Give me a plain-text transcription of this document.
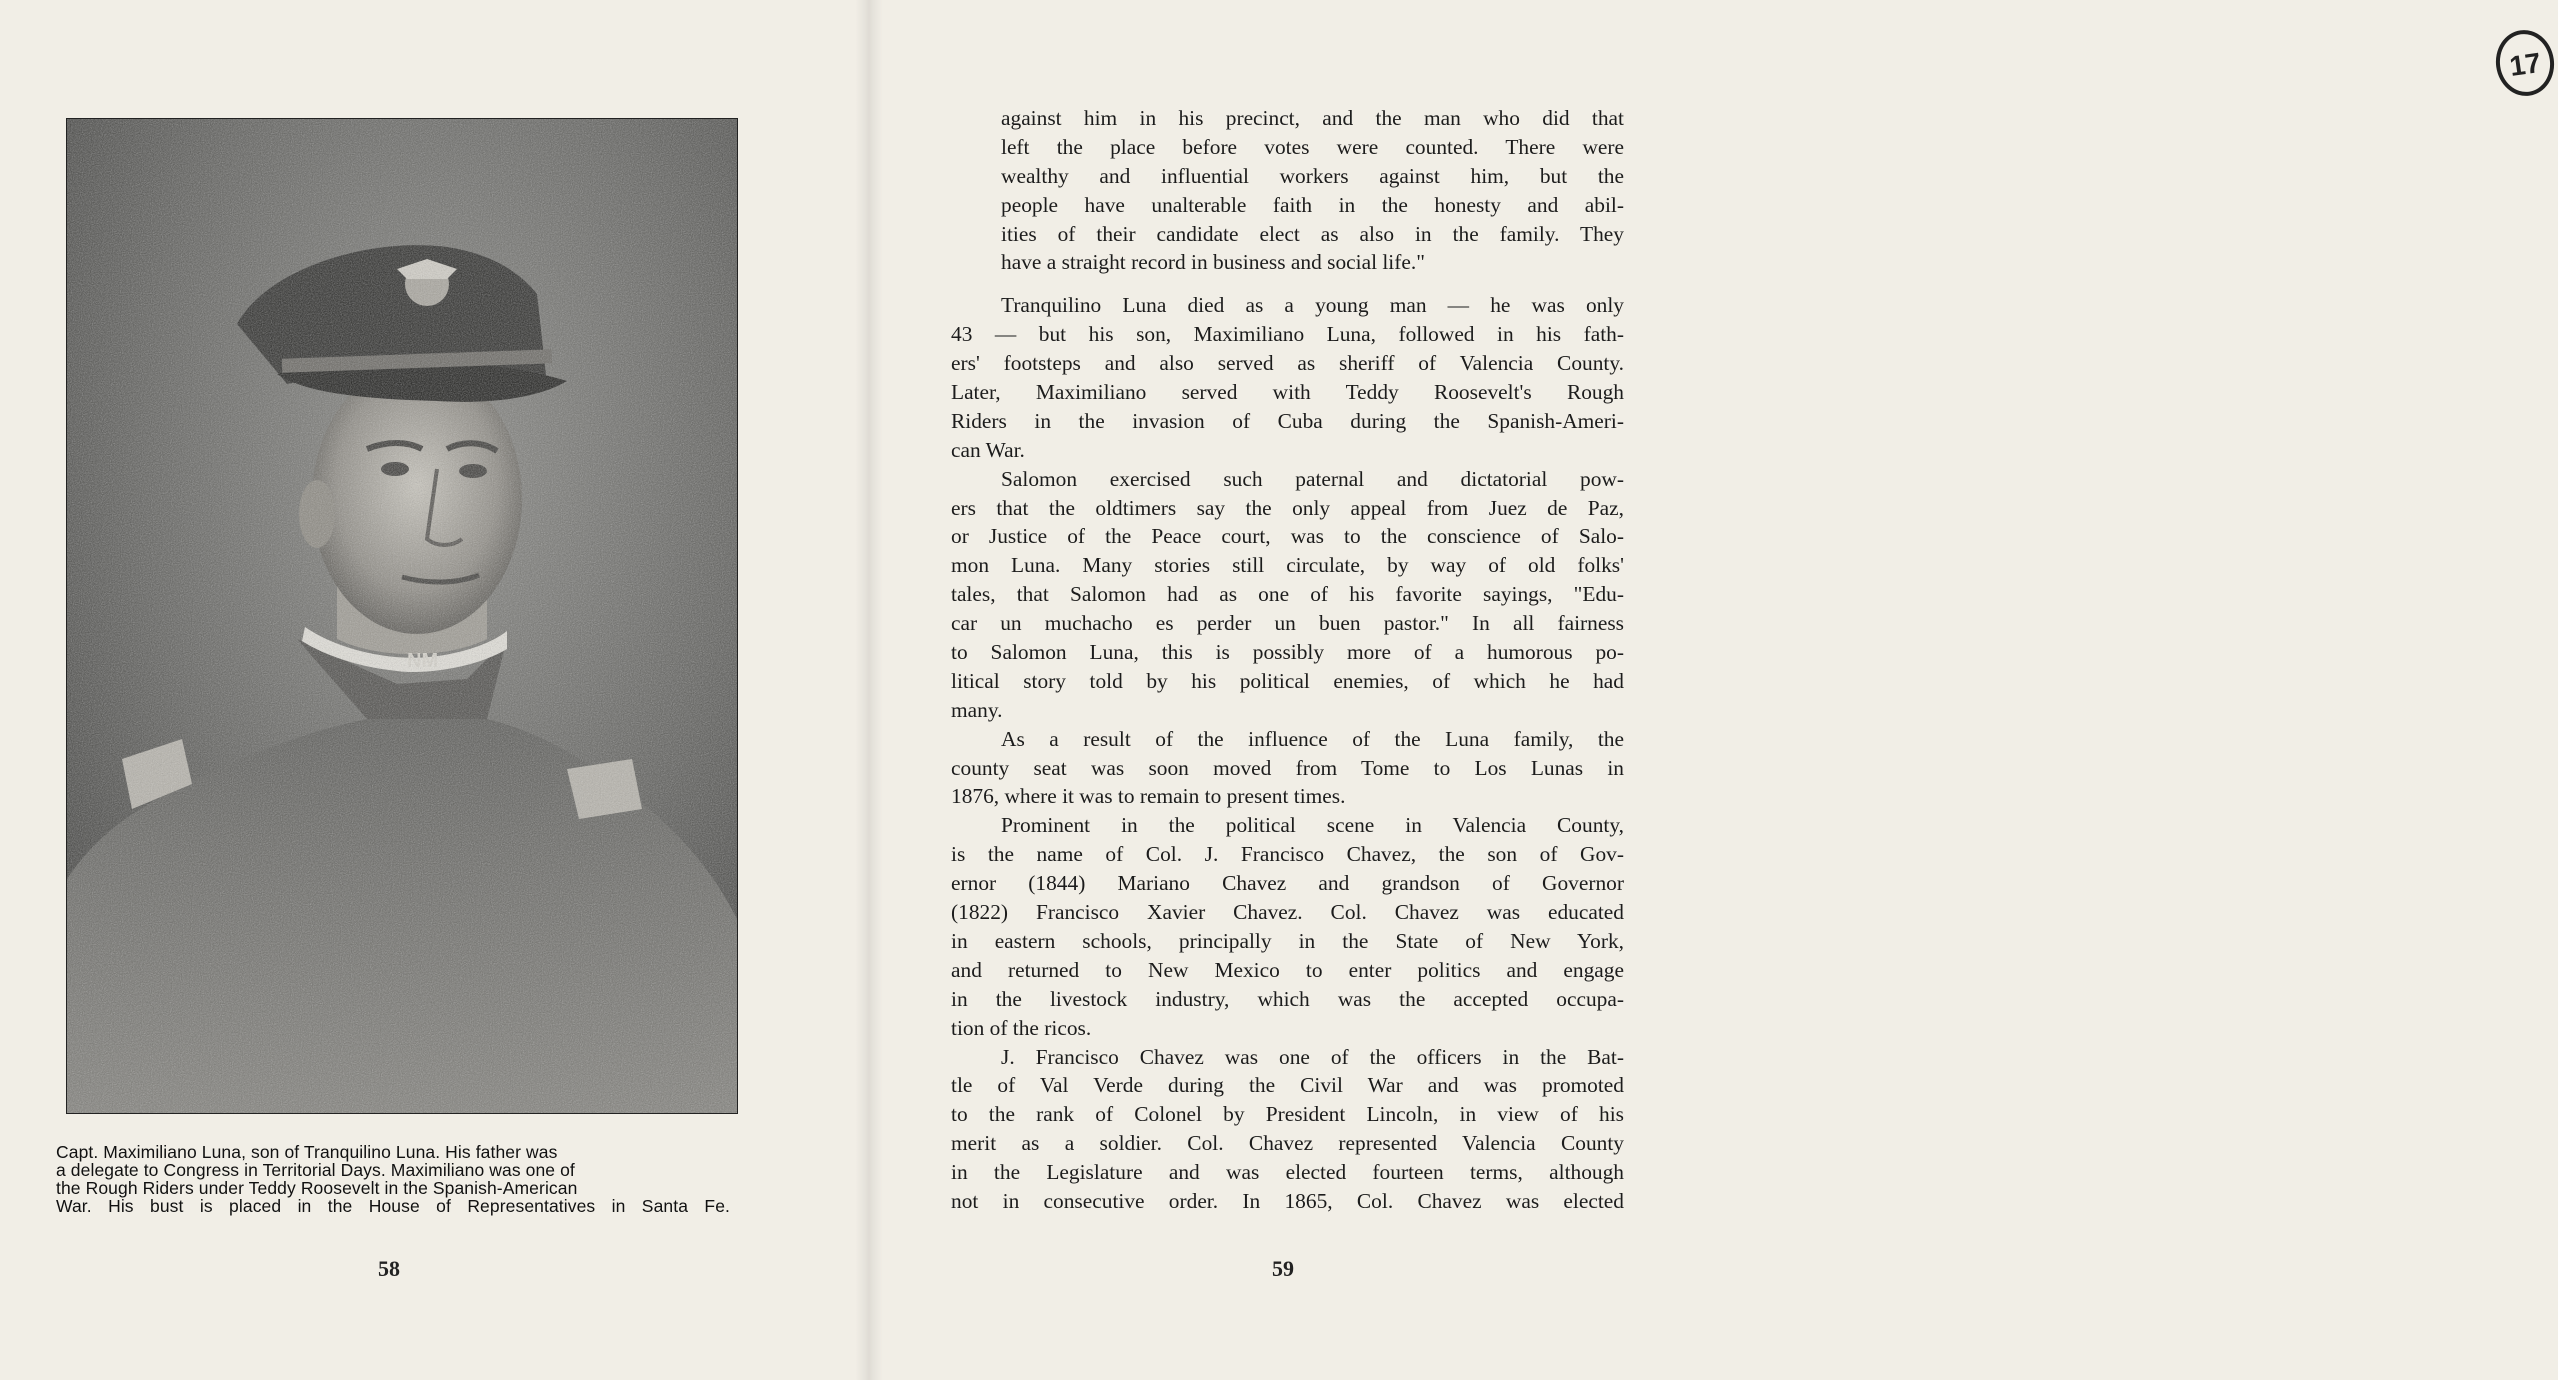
Capt. Maximiliano Luna, son of Tranquilino Luna. His father was
a delegate to Congress in Territorial Days. Maximiliano was one of
the Rough Riders under Teddy Roosevelt in the Spanish-American
War. His bust is placed in the House of Representatives in Santa Fe.
58
17
59
against him in his precinct, and the man who did that
left the place before votes were counted. There were
wealthy and influential workers against him, but the
people have unalterable faith in the honesty and abil-
ities of their candidate elect as also in the family. They
have a straight record in business and social life."
Tranquilino Luna died as a young man — he was only
43 — but his son, Maximiliano Luna, followed in his fath-
ers' footsteps and also served as sheriff of Valencia County.
Later, Maximiliano served with Teddy Roosevelt's Rough
Riders in the invasion of Cuba during the Spanish-Ameri-
can War.
Salomon exercised such paternal and dictatorial pow-
ers that the oldtimers say the only appeal from Juez de Paz,
or Justice of the Peace court, was to the conscience of Salo-
mon Luna. Many stories still circulate, by way of old folks'
tales, that Salomon had as one of his favorite sayings, "Edu-
car un muchacho es perder un buen pastor." In all fairness
to Salomon Luna, this is possibly more of a humorous po-
litical story told by his political enemies, of which he had
many.
As a result of the influence of the Luna family, the
county seat was soon moved from Tome to Los Lunas in
1876, where it was to remain to present times.
Prominent in the political scene in Valencia County,
is the name of Col. J. Francisco Chavez, the son of Gov-
ernor (1844) Mariano Chavez and grandson of Governor
(1822) Francisco Xavier Chavez. Col. Chavez was educated
in eastern schools, principally in the State of New York,
and returned to New Mexico to enter politics and engage
in the livestock industry, which was the accepted occupa-
tion of the ricos.
J. Francisco Chavez was one of the officers in the Bat-
tle of Val Verde during the Civil War and was promoted
to the rank of Colonel by President Lincoln, in view of his
merit as a soldier. Col. Chavez represented Valencia County
in the Legislature and was elected fourteen terms, although
not in consecutive order. In 1865, Col. Chavez was elected
